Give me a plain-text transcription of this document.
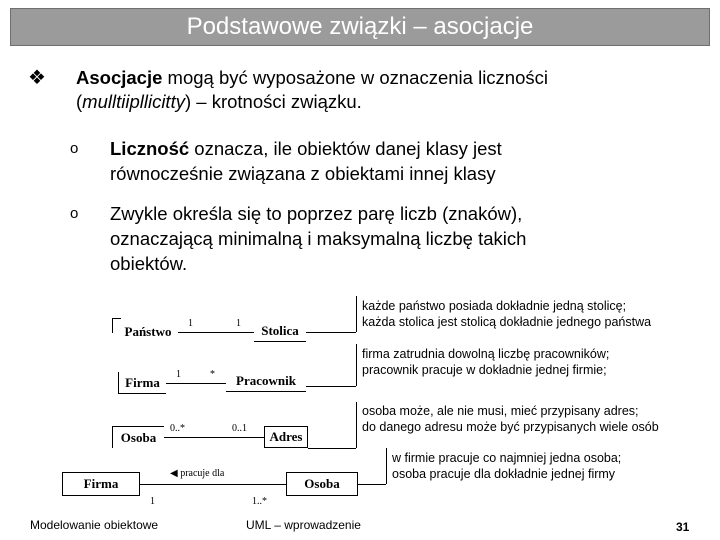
Podstawowe związki – asocjacje
❖ Asocjacje mogą być wyposażone w oznaczenia liczności
(mulltiipllicitty) – krotności związku.
o Liczność oznacza, ile obiektów danej klasy jest
równocześnie związana z obiektami innej klasy
o Zwykle określa się to poprzez parę liczb (znaków),
oznaczającą minimalną i maksymalną liczbę takich
obiektów.
Państwo
1	1	Stolica
Firma	1	*	Pracownik
Osoba
0..*	0..1
Adres
Firma
◀ pracuje dla
1	1..*
Osoba
każde państwo posiada dokładnie jedną stolicę;
każda stolica jest stolicą dokładnie jednego państwa
firma zatrudnia dowolną liczbę pracowników;
pracownik pracuje w dokładnie jednej firmie;
osoba może, ale nie musi, mieć przypisany adres;
do danego adresu może być przypisanych wiele osób
w firmie pracuje co najmniej jedna osoba;
osoba pracuje dla dokładnie jednej firmy
Modelowanie obiektowe	UML – wprowadzenie	31
